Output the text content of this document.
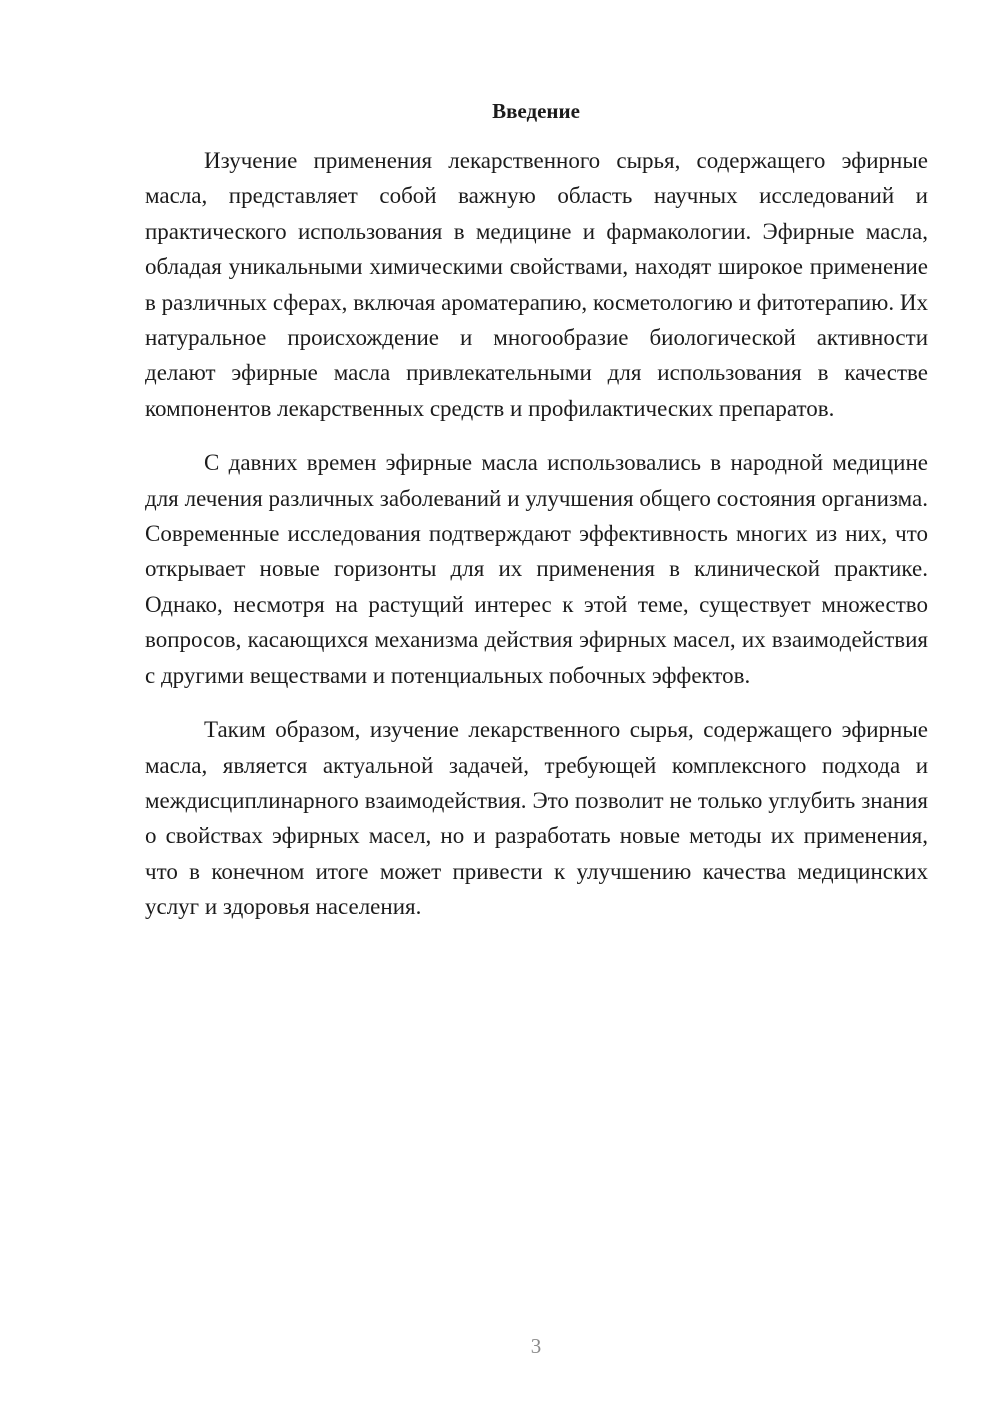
Введение

Изучение применения лекарственного сырья, содержащего эфирные масла, представляет собой важную область научных исследований и практического использования в медицине и фармакологии. Эфирные масла, обладая уникальными химическими свойствами, находят широкое применение в различных сферах, включая ароматерапию, косметологию и фитотерапию. Их натуральное происхождение и многообразие биологической активности делают эфирные масла привлекательными для использования в качестве компонентов лекарственных средств и профилактических препаратов.

С давних времен эфирные масла использовались в народной медицине для лечения различных заболеваний и улучшения общего состояния организма. Современные исследования подтверждают эффективность многих из них, что открывает новые горизонты для их применения в клинической практике. Однако, несмотря на растущий интерес к этой теме, существует множество вопросов, касающихся механизма действия эфирных масел, их взаимодействия с другими веществами и потенциальных побочных эффектов.

Таким образом, изучение лекарственного сырья, содержащего эфирные масла, является актуальной задачей, требующей комплексного подхода и междисциплинарного взаимодействия. Это позволит не только углубить знания о свойствах эфирных масел, но и разработать новые методы их применения, что в конечном итоге может привести к улучшению качества медицинских услуг и здоровья населения.

3
